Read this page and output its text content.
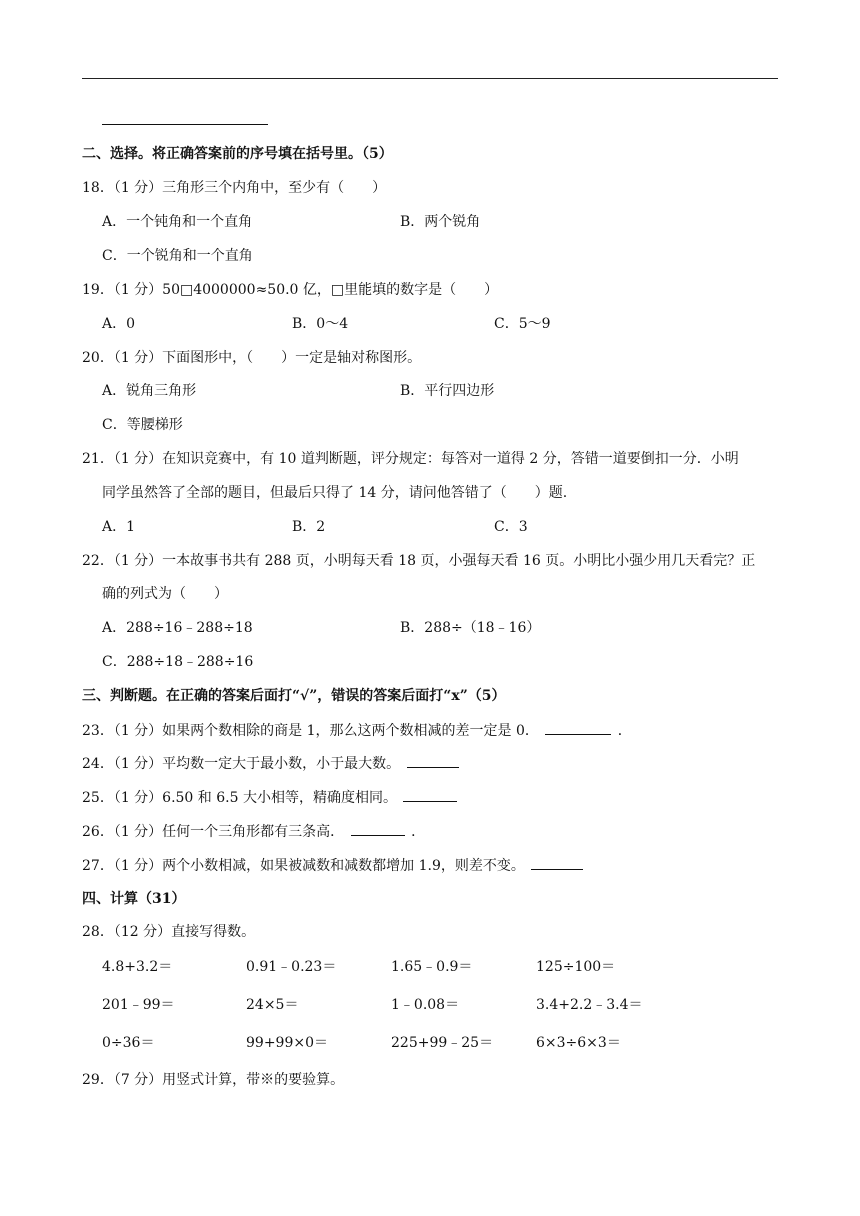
二、选择。将正确答案前的序号填在括号里。（5）
18．（1 分）三角形三个内角中，至少有（　　）
A．一个钝角和一个直角	B．两个锐角
C．一个锐角和一个直角
19．（1 分）50□4000000≈50.0 亿，□里能填的数字是（　　）
A．0	B．0～4	C．5～9
20．（1 分）下面图形中，（　　）一定是轴对称图形。
A．锐角三角形	B．平行四边形
C．等腰梯形
21．（1 分）在知识竞赛中，有 10 道判断题，评分规定：每答对一道得 2 分，答错一道要倒扣一分．小明
同学虽然答了全部的题目，但最后只得了 14 分，请问他答错了（　　）题.
A．1	B．2	C．3
22．（1 分）一本故事书共有 288 页，小明每天看 18 页，小强每天看 16 页。小明比小强少用几天看完？正
确的列式为（　　）
A．288÷16﹣288÷18	B．288÷（18﹣16）
C．288÷18﹣288÷16
三、判断题。在正确的答案后面打“√”，错误的答案后面打“x”（5）
23．（1 分）如果两个数相除的商是 1，那么这两个数相减的差一定是 0．	．
24．（1 分）平均数一定大于最小数，小于最大数。
25．（1 分）6.50 和 6.5 大小相等，精确度相同。
26．（1 分）任何一个三角形都有三条高．	．
27．（1 分）两个小数相减，如果被减数和减数都增加 1.9，则差不变。
四、计算（31）
28．（12 分）直接写得数。
4.8+3.2＝	0.91﹣0.23＝	1.65﹣0.9＝	125÷100＝
201﹣99＝	24×5＝	1﹣0.08＝	3.4+2.2﹣3.4＝
0÷36＝	99+99×0＝	225+99﹣25＝	6×3÷6×3＝
29．（7 分）用竖式计算，带※的要验算。
